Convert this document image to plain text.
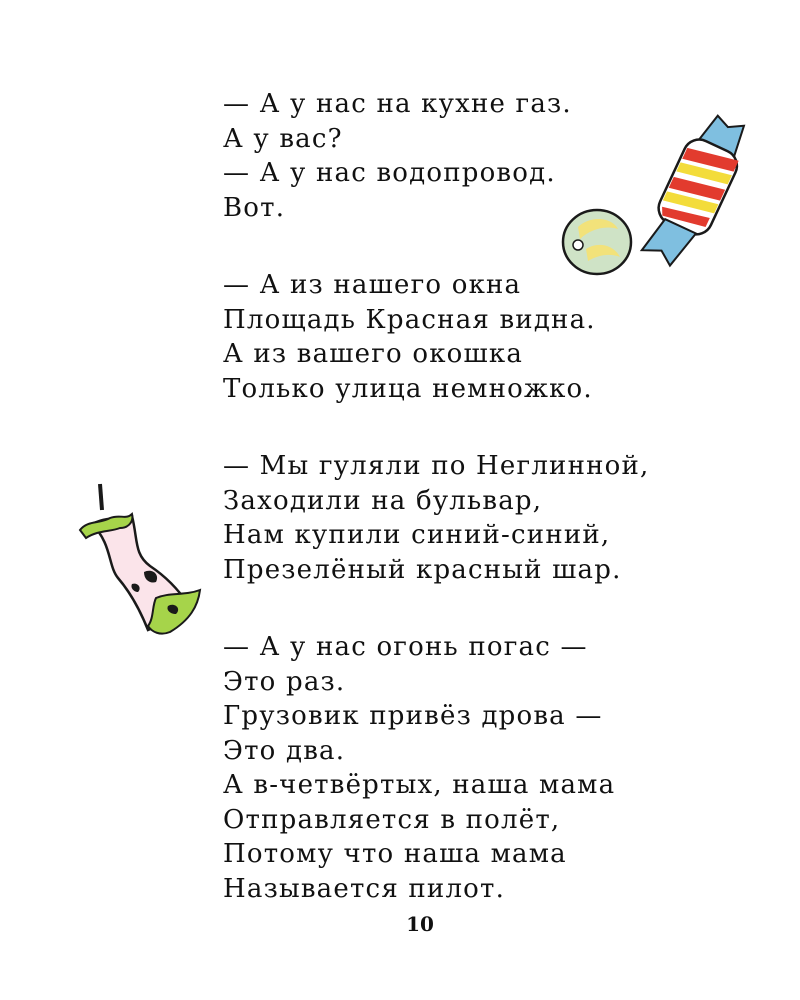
— А у нас на кухне газ.
А у вас?
— А у нас водопровод.
Вот.
— А из нашего окна
Площадь Красная видна.
А из вашего окошка
Только улица немножко.
— Мы гуляли по Неглинной,
Заходили на бульвар,
Нам купили синий-синий,
Презелёный красный шар.
— А у нас огонь погас —
Это раз.
Грузовик привёз дрова —
Это два.
А в-четвёртых, наша мама
Отправляется в полёт,
Потому что наша мама
Называется пилот.
10
